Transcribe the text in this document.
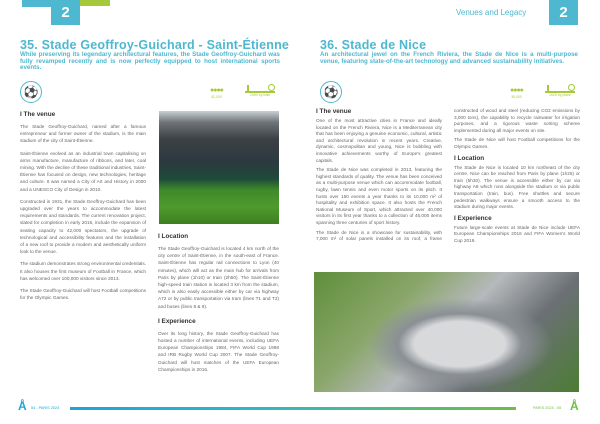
2	Venues and Legacy	2
35. Stade Geoffroy-Guichard - Saint-Étienne
While preserving its legendary architectural features, the Stade Geoffroy-Guichard was fully revamped recently and is now perfectly equipped to host international sports events.
⚽	●●●●
42,000	2h50 by train
I The venue
The Stade Geoffroy-Guichard, named after a famous entrepreneur and former owner of the stadium, is the main stadium of the city of Saint-Étienne.
Saint-Étienne evolved as an industrial town capitalising on arms manufacture, manufacture of ribbons, and later, coal mining. With the decline of these traditional industries, Saint-Étienne has focused on design, new technologies, heritage and culture. It was named a City of Art and History in 2000 and a UNESCO City of Design in 2010.
Constructed in 1931, the Stade Geoffroy-Guichard has been upgraded over the years to accommodate the latest requirements and standards. The current renovation project, slated for completion in early 2016, include the expansion of seating capacity to 42,000 spectators, the upgrade of technological and accessibility features and the installation of a new roof to provide a modern and aesthetically uniform look to the venue.
The stadium demonstrates strong environmental credentials. It also houses the first museum of Football in France, which has welcomed over 100,000 visitors since 2013.
The Stade Geoffroy-Guichard will host Football competitions for the Olympic Games.
I Location
The Stade Geoffroy-Guichard is located 4 km north of the city centre of Saint-Étienne, in the south-east of France. Saint-Étienne has regular rail connections to Lyon (40 minutes), which will act as the main hub for arrivals from Paris by plane (1h10) or train (2h50). The Saint-Étienne high-speed train station is located 3 km from the stadium, which is also easily accessible either by car via highway A72 or by public transportation via tram (lines T1 and T2) and buses (lines 8 & 9).
I Experience
Over its long history, the Stade Geoffroy-Guichard has hosted a number of international events, including UEFA European Championships 1984, FIFA World Cup 1998 and IRB Rugby World Cup 2007. The Stade Geoffroy-Guichard will host matches of the UEFA European Championships in 2016.
36. Stade de Nice
An architectural jewel on the French Riviera, the Stade de Nice is a multi-purpose venue, featuring state-of-the-art technology and advanced sustainability initiatives.
⚽	●●●●
35,000	1h25 by plane
I The venue
One of the most attractive cities in France and ideally located on the French Riviera, Nice is a Mediterranean city that has been enjoying a genuine economic, cultural, artistic and architectural revolution in recent years. Creative, dynamic, cosmopolitan and young, Nice is bubbling with innovative achievements worthy of Europe's greatest capitals.
The Stade de Nice was completed in 2013, featuring the highest standards of quality. The venue has been conceived as a multi-purpose venue which can accommodate football, rugby, lawn tennis and even motor sports on its pitch. It hosts over 150 events a year thanks to its 10,000 m² of hospitality and exhibition space. It also hosts the French National Museum of Sport, which attracted over 40,000 visitors in its first year thanks to a collection of 45,000 items spanning three centuries of sport history.
The Stade de Nice is a showcase for sustainability, with 7,000 m² of solar panels installed on its roof, a frame constructed of wood and steel (reducing CO2 emissions by 3,000 tons), the capability to recycle rainwater for irrigation purposes, and a rigorous waste sorting scheme implemented during all major events on site.
The Stade de Nice will host Football competitions for the Olympic Games.
I Location
The Stade de Nice is located 10 km northeast of the city centre. Nice can be reached from Paris by plane (1h25) or train (5h30). The venue is accessible either by car via highway A8 which runs alongside the stadium or via public transportation (train, bus). Free shuttles and secure pedestrian walkways ensure a smooth access to the stadium during major events.
I Experience
Future large-scale events at Stade de Nice include UEFA European Championships 2016 and FIFA Women's World Cup 2019.
Å 54 - PARIS 2024	PARIS 2024 - 55 Å
